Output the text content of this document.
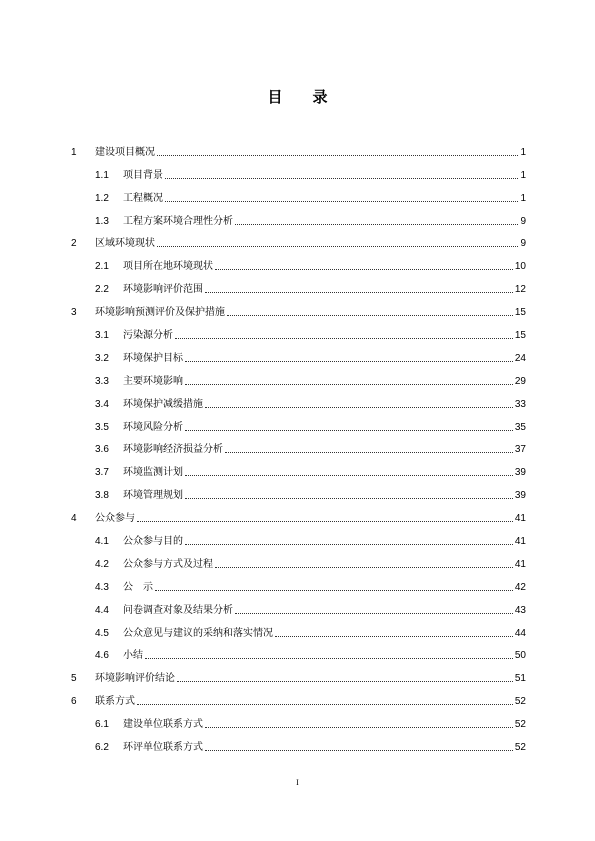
目 录
1	建设项目概况	1
1.1	项目背景	1
1.2	工程概况	1
1.3	工程方案环境合理性分析	9
2	区域环境现状	9
2.1	项目所在地环境现状	10
2.2	环境影响评价范围	12
3	环境影响预测评价及保护措施	15
3.1	污染源分析	15
3.2	环境保护目标	24
3.3	主要环境影响	29
3.4	环境保护减缓措施	33
3.5	环境风险分析	35
3.6	环境影响经济损益分析	37
3.7	环境监测计划	39
3.8	环境管理规划	39
4	公众参与	41
4.1	公众参与目的	41
4.2	公众参与方式及过程	41
4.3	公　示	42
4.4	问卷调查对象及结果分析	43
4.5	公众意见与建议的采纳和落实情况	44
4.6	小结	50
5	环境影响评价结论	51
6	联系方式	52
6.1	建设单位联系方式	52
6.2	环评单位联系方式	52
I
